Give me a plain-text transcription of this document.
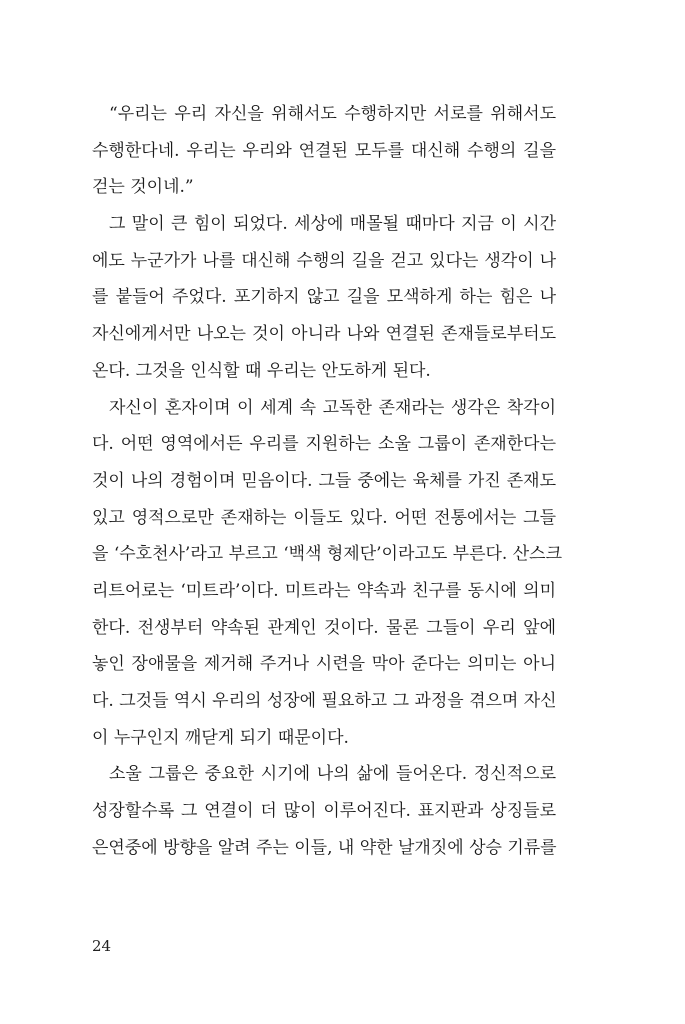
“우리는 우리 자신을 위해서도 수행하지만 서로를 위해서도
수행한다네. 우리는 우리와 연결된 모두를 대신해 수행의 길을
걷는 것이네.”
그 말이 큰 힘이 되었다. 세상에 매몰될 때마다 지금 이 시간
에도 누군가가 나를 대신해 수행의 길을 걷고 있다는 생각이 나
를 붙들어 주었다. 포기하지 않고 길을 모색하게 하는 힘은 나
자신에게서만 나오는 것이 아니라 나와 연결된 존재들로부터도
온다. 그것을 인식할 때 우리는 안도하게 된다.
자신이 혼자이며 이 세계 속 고독한 존재라는 생각은 착각이
다. 어떤 영역에서든 우리를 지원하는 소울 그룹이 존재한다는
것이 나의 경험이며 믿음이다. 그들 중에는 육체를 가진 존재도
있고 영적으로만 존재하는 이들도 있다. 어떤 전통에서는 그들
을 ‘수호천사’라고 부르고 ‘백색 형제단’이라고도 부른다. 산스크
리트어로는 ‘미트라’이다. 미트라는 약속과 친구를 동시에 의미
한다. 전생부터 약속된 관계인 것이다. 물론 그들이 우리 앞에
놓인 장애물을 제거해 주거나 시련을 막아 준다는 의미는 아니
다. 그것들 역시 우리의 성장에 필요하고 그 과정을 겪으며 자신
이 누구인지 깨닫게 되기 때문이다.
소울 그룹은 중요한 시기에 나의 삶에 들어온다. 정신적으로
성장할수록 그 연결이 더 많이 이루어진다. 표지판과 상징들로
은연중에 방향을 알려 주는 이들, 내 약한 날개짓에 상승 기류를
24
